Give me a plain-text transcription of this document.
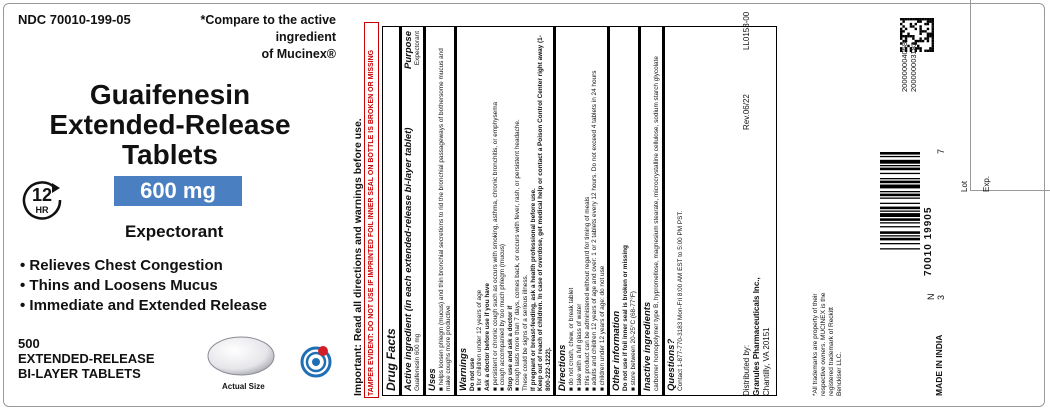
NDC 70010-199-05	*Compare to the active ingredient
of Mucinex®
Guaifenesin
Extended-Release
Tablets
12
HR
600 mg
Expectorant
• Relieves Chest Congestion
• Thins and Loosens Mucus
• Immediate and Extended Release
500
EXTENDED-RELEASE
BI-LAYER TABLETS
Actual Size	Important: Read all directions and warnings before use. TAMPER EVIDENT: DO NOT USE IF IMPRINTED FOIL INNER SEAL ON BOTTLE IS BROKEN OR MISSING Drug Facts Active ingredient (in each extended-release bi-layer tablet)
Purpose
Guaifenesin 600 mg
Expectorant
Uses ■ helps loosen phlegm (mucus) and thin bronchial secretions to rid the bronchial passageways of bothersome mucus and make coughs more productive Warnings Do not use ■ for children under 12 years of age Ask a doctor before use if you have ■ persistent or chronic cough such as occurs with smoking, asthma, chronic bronchitis, or emphysema ■ cough accompanied by too much phlegm (mucus) Stop use and ask a doctor if ■ cough lasts more than 7 days, comes back, or occurs with fever, rash, or persistent headache. These could be signs of a serious illness. If pregnant or breast-feeding, ask a health professional before use. Keep out of reach of children. In case of overdose, get medical help or contact a Poison Control Center right away (1-800-222-1222). Directions ■ do not crush, chew, or break tablet ■ take with a full glass of water ■ this product can be administered without regard for timing of meals ■ adults and children 12 years of age and over: 1 or 2 tablets every 12 hours. Do not exceed 4 tablets in 24 hours ■ children under 12 years of age: do not use Other information Do not use if foil inner seal is broken or missing ■ store between 20-25°C (68-77°F) Inactive ingredients carbomer homopolymer type B, hypromellose, magnesium stearate, microcrystalline cellulose, sodium starch glycolate Questions? Contact 1-877-770-3183 Mon-Fri 8:00 AM EST to 5:00 PM PST.	Distributed by: Granules Pharmaceuticals Inc., Chantilly, VA 20151
Rev.06/22
LL0153-00
*All trademarks are property of their respective owners. MUCINEX is the registered trademark of Reckitt Benckiser LLC.	MADE IN INDIA
70010 19905
N 3
7
Lot Exp.
200000004058 200000003182
